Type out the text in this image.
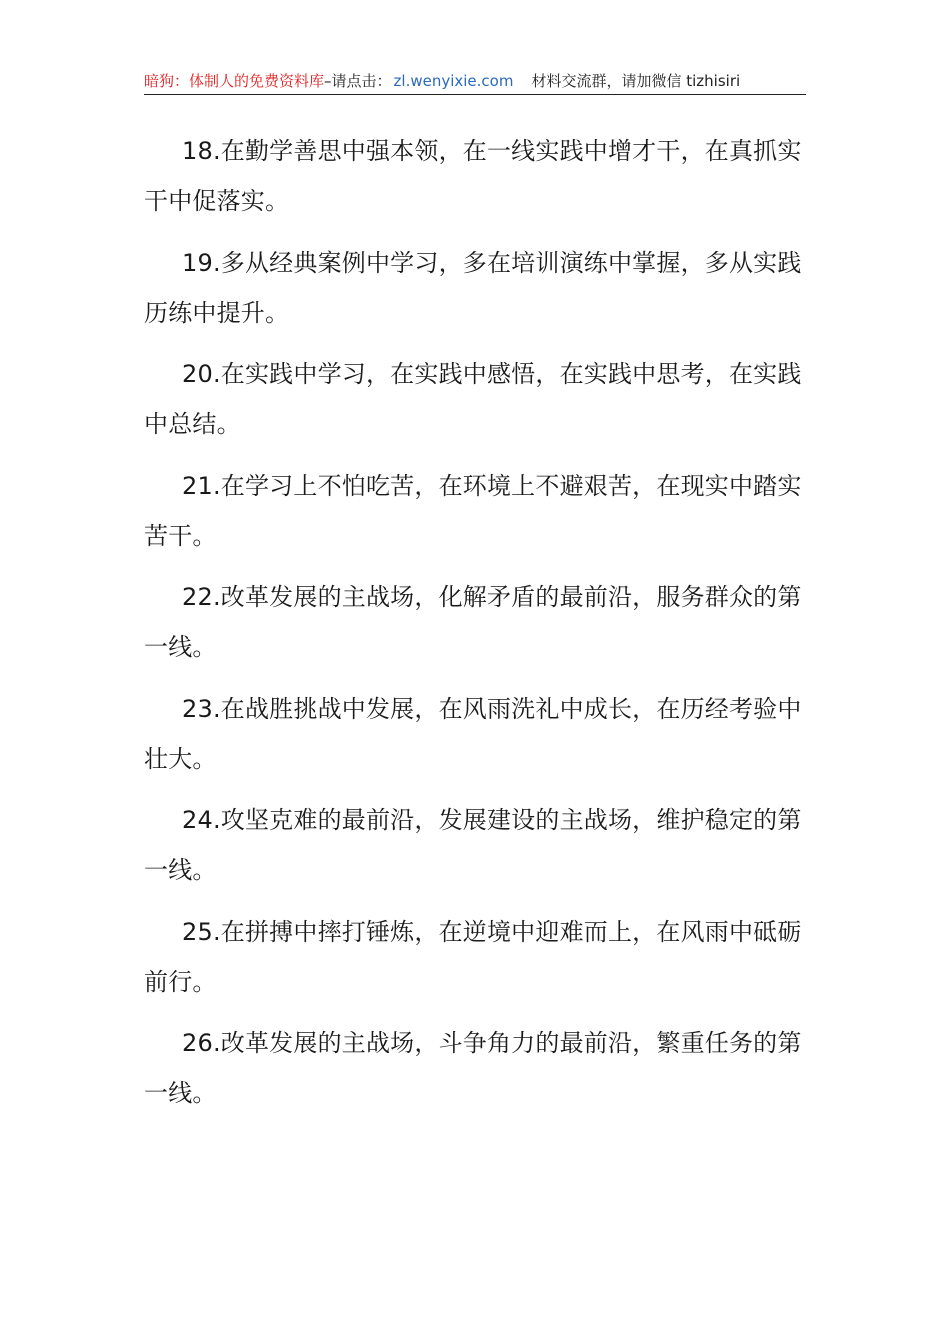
暗狗：体制人的免费资料库–请点击： zl.wenyixie.com 材料交流群，请加微信 tizhisiri

18.在勤学善思中强本领，在一线实践中增才干，在真抓实干中促落实。

19.多从经典案例中学习，多在培训演练中掌握，多从实践历练中提升。

20.在实践中学习，在实践中感悟，在实践中思考，在实践中总结。

21.在学习上不怕吃苦，在环境上不避艰苦，在现实中踏实苦干。

22.改革发展的主战场，化解矛盾的最前沿，服务群众的第一线。

23.在战胜挑战中发展，在风雨洗礼中成长，在历经考验中壮大。

24.攻坚克难的最前沿，发展建设的主战场，维护稳定的第一线。

25.在拼搏中摔打锤炼，在逆境中迎难而上，在风雨中砥砺前行。

26.改革发展的主战场，斗争角力的最前沿，繁重任务的第一线。
